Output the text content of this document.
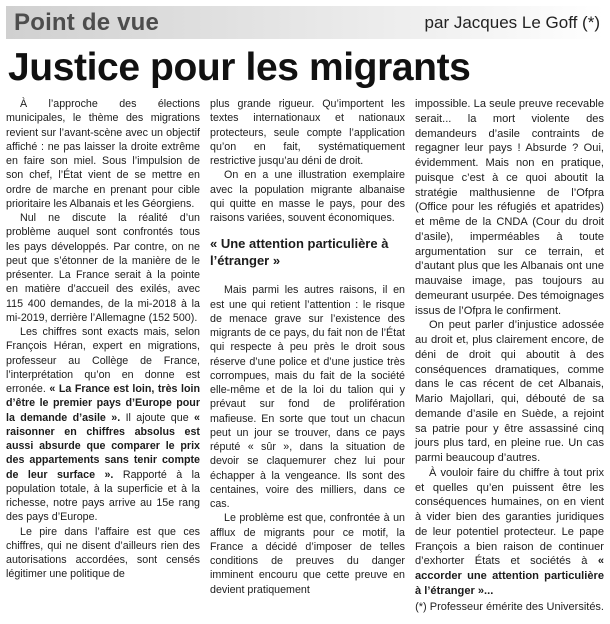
Point de vue	par Jacques Le Goff (*)
Justice pour les migrants

À l’approche des élections municipales, le thème des migrations revient sur l’avant-scène avec un objectif affiché : ne pas laisser la droite extrême en faire son miel. Sous l’impulsion de son chef, l’État vient de se mettre en ordre de marche en prenant pour cible prioritaire les Albanais et les Géorgiens.

Nul ne discute la réalité d’un problème auquel sont confrontés tous les pays développés. Par contre, on ne peut que s’étonner de la manière de le présenter. La France serait à la pointe en matière d’accueil des exilés, avec 115 400 demandes, de la mi-2018 à la mi-2019, derrière l’Allemagne (152 500).

Les chiffres sont exacts mais, selon François Héran, expert en migrations, professeur au Collège de France, l’interprétation qu’on en donne est erronée. « La France est loin, très loin d’être le premier pays d’Europe pour la demande d’asile ». Il ajoute que « raisonner en chiffres absolus est aussi absurde que comparer le prix des appartements sans tenir compte de leur surface ». Rapporté à la population totale, à la superficie et à la richesse, notre pays arrive au 15e rang des pays d’Europe.

Le pire dans l’affaire est que ces chiffres, qui ne disent d’ailleurs rien des autorisations accordées, sont censés légitimer une politique de

plus grande rigueur. Qu’importent les textes internationaux et nationaux protecteurs, seule compte l’application qu’on en fait, systématiquement restrictive jusqu’au déni de droit.

On en a une illustration exemplaire avec la population migrante albanaise qui quitte en masse le pays, pour des raisons variées, souvent économiques.

« Une attention particulière à l’étranger »

Mais parmi les autres raisons, il en est une qui retient l’attention : le risque de menace grave sur l’existence des migrants de ce pays, du fait non de l’État qui respecte à peu près le droit sous réserve d’une police et d’une justice très corrompues, mais du fait de la société elle-même et de la loi du talion qui y prévaut sur fond de prolifération mafieuse. En sorte que tout un chacun peut un jour se trouver, dans ce pays réputé « sûr », dans la situation de devoir se claquemurer chez lui pour échapper à la vengeance. Ils sont des centaines, voire des milliers, dans ce cas.

Le problème est que, confrontée à un afflux de migrants pour ce motif, la France a décidé d’imposer de telles conditions de preuves du danger imminent encouru que cette preuve en devient pratiquement

impossible. La seule preuve recevable serait... la mort violente des demandeurs d’asile contraints de regagner leur pays ! Absurde ? Oui, évidemment. Mais non en pratique, puisque c’est à ce quoi aboutit la stratégie malthusienne de l’Ofpra (Office pour les réfugiés et apatrides) et même de la CNDA (Cour du droit d’asile), imperméables à toute argumentation sur ce terrain, et d’autant plus que les Albanais ont une mauvaise image, pas toujours au demeurant usurpée. Des témoignages issus de l’Ofpra le confirment.

On peut parler d’injustice adossée au droit et, plus clairement encore, de déni de droit qui aboutit à des conséquences dramatiques, comme dans le cas récent de cet Albanais, Mario Majollari, qui, débouté de sa demande d’asile en Suède, a rejoint sa patrie pour y être assassiné cinq jours plus tard, en pleine rue. Un cas parmi beaucoup d’autres.

À vouloir faire du chiffre à tout prix et quelles qu’en puissent être les conséquences humaines, on en vient à vider bien des garanties juridiques de leur potentiel protecteur. Le pape François a bien raison de continuer d’exhorter États et sociétés à « accorder une attention particulière à l’étranger »...

(*) Professeur émérite des Universités.
